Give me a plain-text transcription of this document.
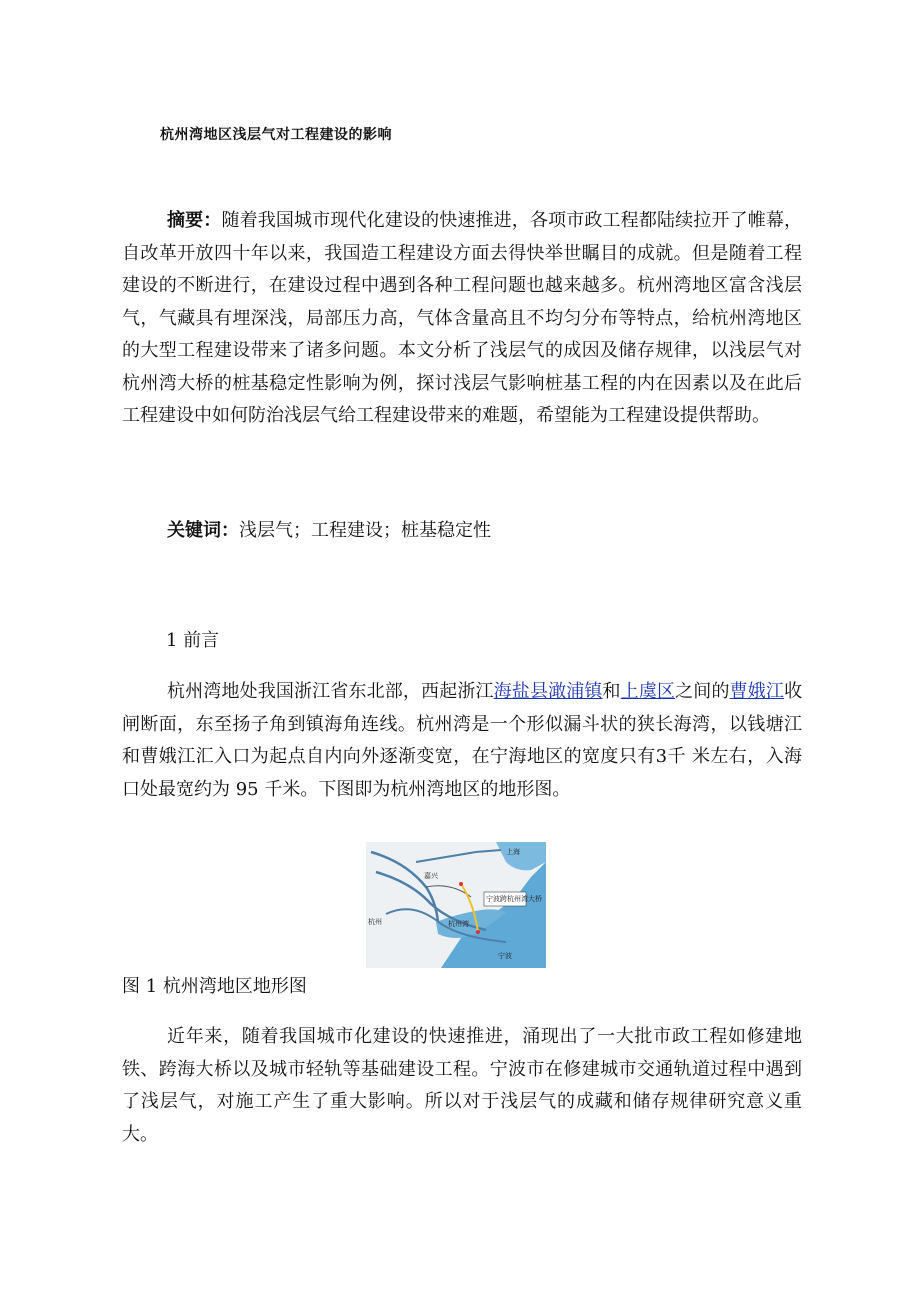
杭州湾地区浅层气对工程建设的影响
摘要：随着我国城市现代化建设的快速推进，各项市政工程都陆续拉开了帷幕，自改革开放四十年以来，我国造工程建设方面去得快举世瞩目的成就。但是随着工程建设的不断进行，在建设过程中遇到各种工程问题也越来越多。杭州湾地区富含浅层气，气藏具有埋深浅，局部压力高，气体含量高且不均匀分布等特点，给杭州湾地区的大型工程建设带来了诸多问题。本文分析了浅层气的成因及储存规律，以浅层气对杭州湾大桥的桩基稳定性影响为例，探讨浅层气影响桩基工程的内在因素以及在此后工程建设中如何防治浅层气给工程建设带来的难题，希望能为工程建设提供帮助。
关键词：浅层气；工程建设；桩基稳定性
1 前言
杭州湾地处我国浙江省东北部，西起浙江海盐县澉浦镇和上虞区之间的曹娥江收闸断面，东至扬子角到镇海角连线。杭州湾是一个形似漏斗状的狭长海湾，以钱塘江和曹娥江汇入口为起点自内向外逐渐变宽，在宁海地区的宽度只有3千 米左右，入海口处最宽约为 95 千米。下图即为杭州湾地区的地形图。
宁波跨杭州湾大桥
上海
杭州
嘉兴
宁波
杭州湾
图 1 杭州湾地区地形图
近年来，随着我国城市化建设的快速推进，涌现出了一大批市政工程如修建地铁、跨海大桥以及城市轻轨等基础建设工程。宁波市在修建城市交通轨道过程中遇到了浅层气，对施工产生了重大影响。所以对于浅层气的成藏和储存规律研究意义重大。
